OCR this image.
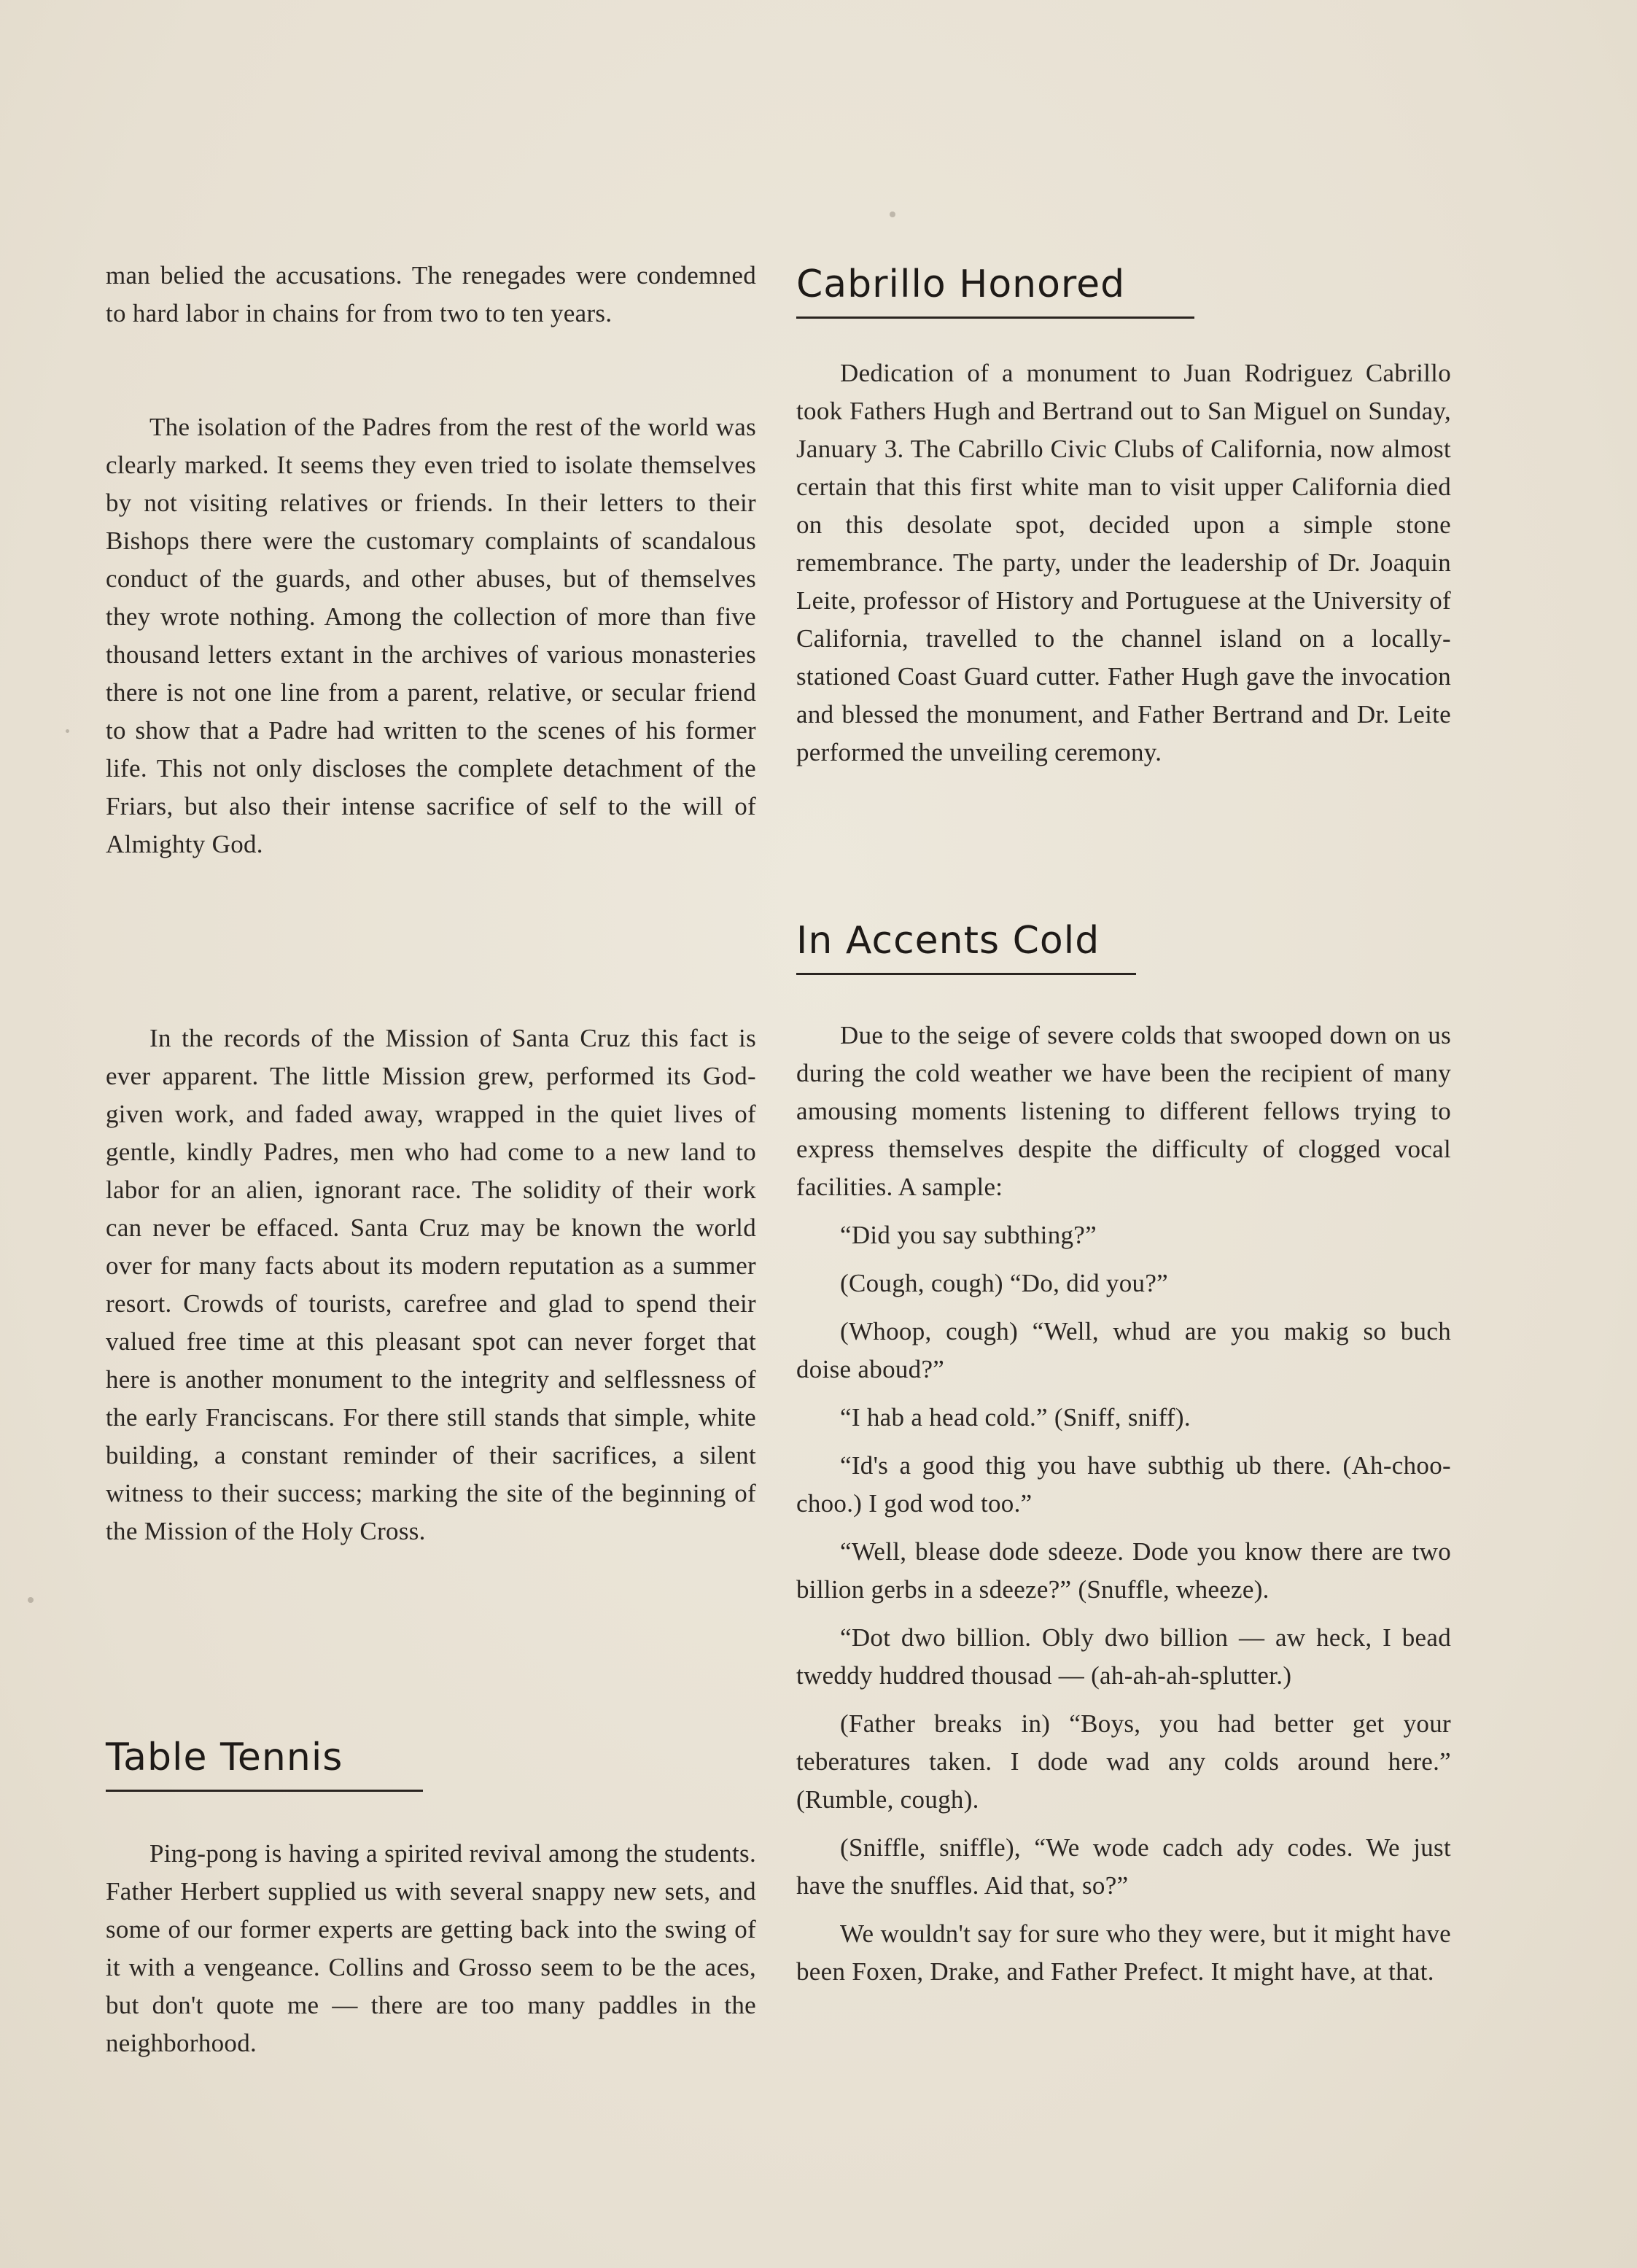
man belied the accusations. The renegades were condemned to hard labor in chains for from two to ten years.

The isolation of the Padres from the rest of the world was clearly marked. It seems they even tried to isolate themselves by not visiting relatives or friends. In their letters to their Bishops there were the customary complaints of scandalous conduct of the guards, and other abuses, but of themselves they wrote nothing. Among the collection of more than five thousand letters extant in the archives of various monasteries there is not one line from a parent, relative, or secular friend to show that a Padre had written to the scenes of his former life. This not only discloses the complete detachment of the Friars, but also their intense sacrifice of self to the will of Almighty God.

In the records of the Mission of Santa Cruz this fact is ever apparent. The little Mission grew, performed its God-given work, and faded away, wrapped in the quiet lives of gentle, kindly Padres, men who had come to a new land to labor for an alien, ignorant race. The solidity of their work can never be effaced. Santa Cruz may be known the world over for many facts about its modern reputation as a summer resort. Crowds of tourists, carefree and glad to spend their valued free time at this pleasant spot can never forget that here is another monument to the integrity and selflessness of the early Franciscans. For there still stands that simple, white building, a constant reminder of their sacrifices, a silent witness to their success; marking the site of the beginning of the Mission of the Holy Cross.

Table Tennis

Ping-pong is having a spirited revival among the students. Father Herbert supplied us with several snappy new sets, and some of our former experts are getting back into the swing of it with a vengeance. Collins and Grosso seem to be the aces, but don't quote me — there are too many paddles in the neighborhood.

Cabrillo Honored

Dedication of a monument to Juan Rodriguez Cabrillo took Fathers Hugh and Bertrand out to San Miguel on Sunday, January 3. The Cabrillo Civic Clubs of California, now almost certain that this first white man to visit upper California died on this desolate spot, decided upon a simple stone remembrance. The party, under the leadership of Dr. Joaquin Leite, professor of History and Portuguese at the University of California, travelled to the channel island on a locally-stationed Coast Guard cutter. Father Hugh gave the invocation and blessed the monument, and Father Bertrand and Dr. Leite performed the unveiling ceremony.

In Accents Cold

Due to the seige of severe colds that swooped down on us during the cold weather we have been the recipient of many amousing moments listening to different fellows trying to express themselves despite the difficulty of clogged vocal facilities. A sample:

“Did you say subthing?”

(Cough, cough) “Do, did you?”

(Whoop, cough) “Well, whud are you makig so buch doise aboud?”

“I hab a head cold.” (Sniff, sniff).

“Id's a good thig you have subthig ub there. (Ah-choo-choo.) I god wod too.”

“Well, blease dode sdeeze. Dode you know there are two billion gerbs in a sdeeze?” (Snuffle, wheeze).

“Dot dwo billion. Obly dwo billion — aw heck, I bead tweddy huddred thousad — (ah-ah-ah-splutter.)

(Father breaks in) “Boys, you had better get your teberatures taken. I dode wad any colds around here.” (Rumble, cough).

(Sniffle, sniffle), “We wode cadch ady codes. We just have the snuffles. Aid that, so?”

We wouldn't say for sure who they were, but it might have been Foxen, Drake, and Father Prefect. It might have, at that.
